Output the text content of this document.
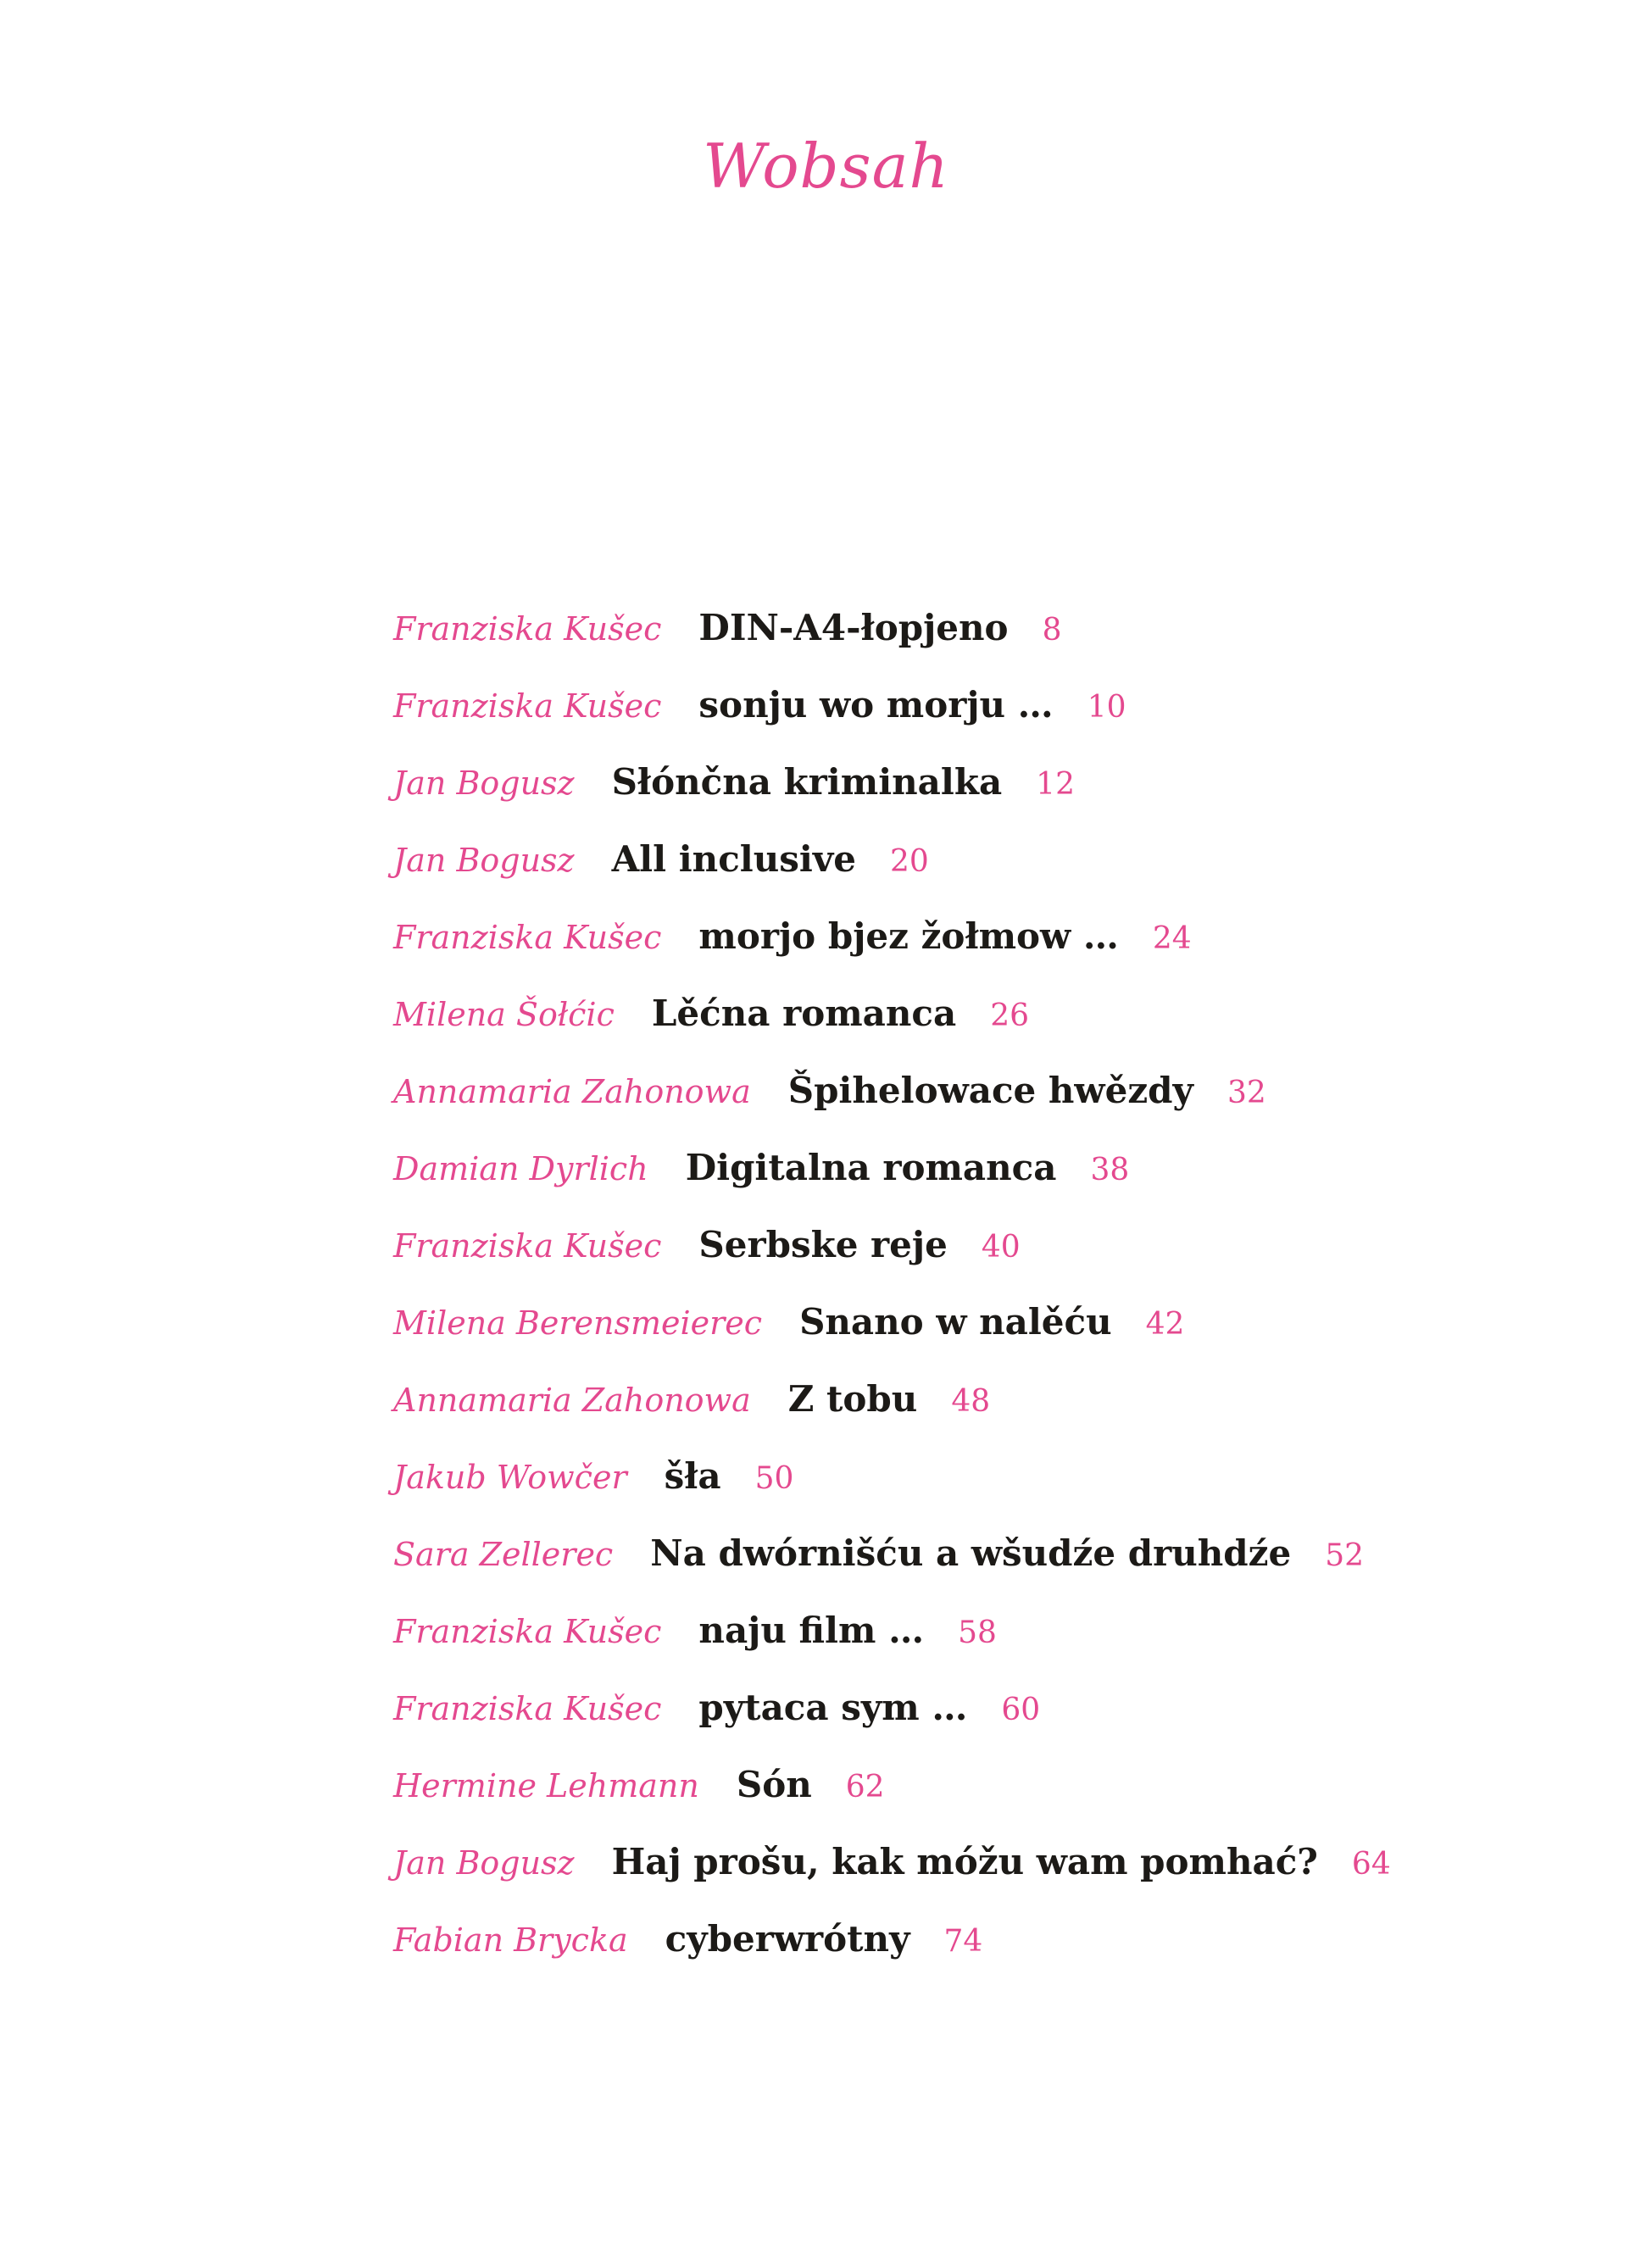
Wobsah
Franziska Kušec DIN-A4-łopjeno 8
Franziska Kušec sonju wo morju … 10
Jan Bogusz Słónčna kriminalka 12
Jan Bogusz All inclusive 20
Franziska Kušec morjo bjez žołmow … 24
Milena Šołćic Lěćna romanca 26
Annamaria Zahonowa Špihelowace hwězdy 32
Damian Dyrlich Digitalna romanca 38
Franziska Kušec Serbske reje 40
Milena Berensmeierec Snano w nalěću 42
Annamaria Zahonowa Z tobu 48
Jakub Wowčer šła 50
Sara Zellerec Na dwórnišću a wšudźe druhdźe 52
Franziska Kušec naju film … 58
Franziska Kušec pytaca sym … 60
Hermine Lehmann Són 62
Jan Bogusz Haj prošu, kak móžu wam pomhać? 64
Fabian Brycka cyberwrótny 74
